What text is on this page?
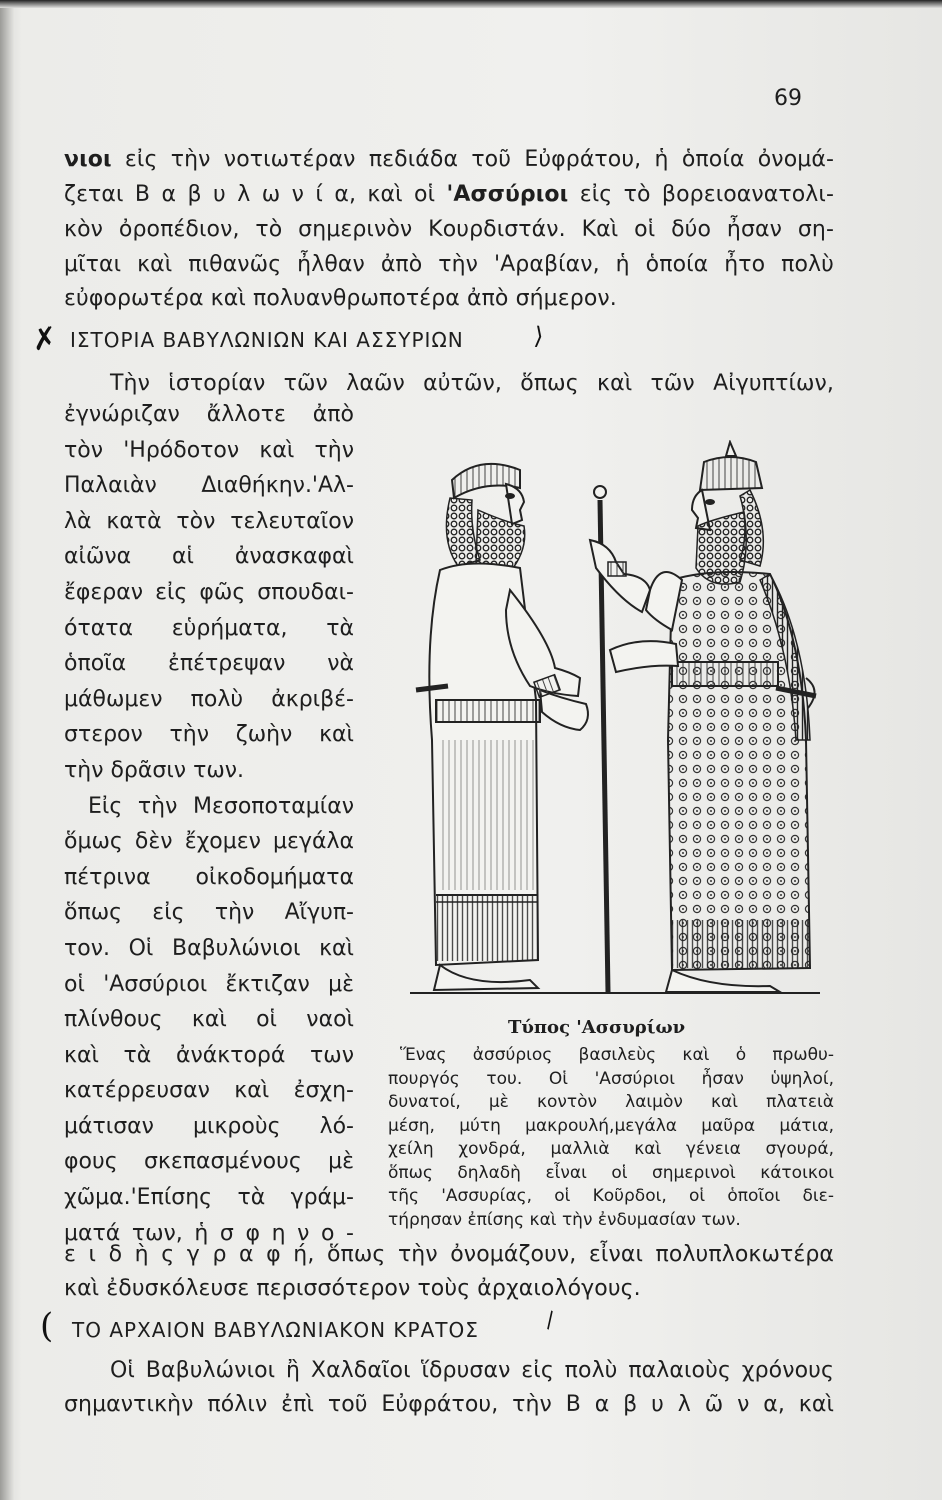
69
νιοι εἰς τὴν νοτιωτέραν πεδιάδα τοῦ Εὐφράτου, ἡ ὁποία ὀνομά-
ζεται Β α β υ λ ω ν ί α, καὶ οἱ 'Ασσύριοι εἰς τὸ βορειοανατολι-
κὸν ὀροπέδιον, τὸ σημερινὸν Κουρδιστάν. Καὶ οἱ δύο ἦσαν ση-
μῖται καὶ πιθανῶς ἦλθαν ἀπὸ τὴν 'Αραβίαν, ἡ ὁποία ἦτο πολὺ
εὐφορωτέρα καὶ πολυανθρωποτέρα ἀπὸ σήμερον.
✗ ΙΣΤΟΡΙΑ ΒΑΒΥΛΩΝΙΩΝ ΚΑΙ ΑΣΣΥΡΙΩΝ	⟩
Τὴν ἱστορίαν τῶν λαῶν αὐτῶν, ὅπως καὶ τῶν Αἰγυπτίων,
ἐγνώριζαν ἄλλοτε ἀπὸ
τὸν 'Ηρόδοτον καὶ τὴν
Παλαιὰν Διαθήκην.'Αλ-
λὰ κατὰ τὸν τελευταῖον
αἰῶνα αἱ ἀνασκαφαὶ
ἔφεραν εἰς φῶς σπουδαι-
ότατα εὑρήματα, τὰ
ὁποῖα ἐπέτρεψαν νὰ
μάθωμεν πολὺ ἀκριβέ-
στερον τὴν ζωὴν καὶ
τὴν δρᾶσιν των.
Εἰς τὴν Μεσοποταμίαν
ὅμως δὲν ἔχομεν μεγάλα
πέτρινα οἰκοδομήματα
ὅπως εἰς τὴν Αἴγυπ-
τον. Οἱ Βαβυλώνιοι καὶ
οἱ 'Ασσύριοι ἔκτιζαν μὲ
πλίνθους καὶ οἱ ναοὶ
καὶ τὰ ἀνάκτορά των
κατέρρευσαν καὶ ἐσχη-
μάτισαν μικροὺς λό-
φους σκεπασμένους μὲ
χῶμα.'Επίσης τὰ γράμ-
ματά των, ἡ σ φ η ν ο -
Τύπος 'Ασσυρίων
Ἕνας ἀσσύριος βασιλεὺς καὶ ὁ πρωθυ-
πουργός του. Οἱ 'Ασσύριοι ἦσαν ὑψηλοί,
δυνατοί, μὲ κοντὸν λαιμὸν καὶ πλατειὰ
μέση, μύτη μακρουλή,μεγάλα μαῦρα μάτια,
χείλη χονδρά, μαλλιὰ καὶ γένεια σγουρά,
ὅπως δηλαδὴ εἶναι οἱ σημερινοὶ κάτοικοι
τῆς 'Ασσυρίας, οἱ Κοῦρδοι, οἱ ὁποῖοι διε-
τήρησαν ἐπίσης καὶ τὴν ἐνδυμασίαν των.
ε ι δ ὴ ς γ ρ α φ ή, ὅπως τὴν ὀνομάζουν, εἶναι πολυπλοκωτέρα
καὶ ἐδυσκόλευσε περισσότερον τοὺς ἀρχαιολόγους.
( ΤΟ ΑΡΧΑΙΟΝ ΒΑΒΥΛΩΝΙΑΚΟΝ ΚΡΑΤΟΣ	\
Οἱ Βαβυλώνιοι ἢ Χαλδαῖοι ἵδρυσαν εἰς πολὺ παλαιοὺς χρόνους
σημαντικὴν πόλιν ἐπὶ τοῦ Εὐφράτου, τὴν Β α β υ λ ῶ ν α, καὶ
